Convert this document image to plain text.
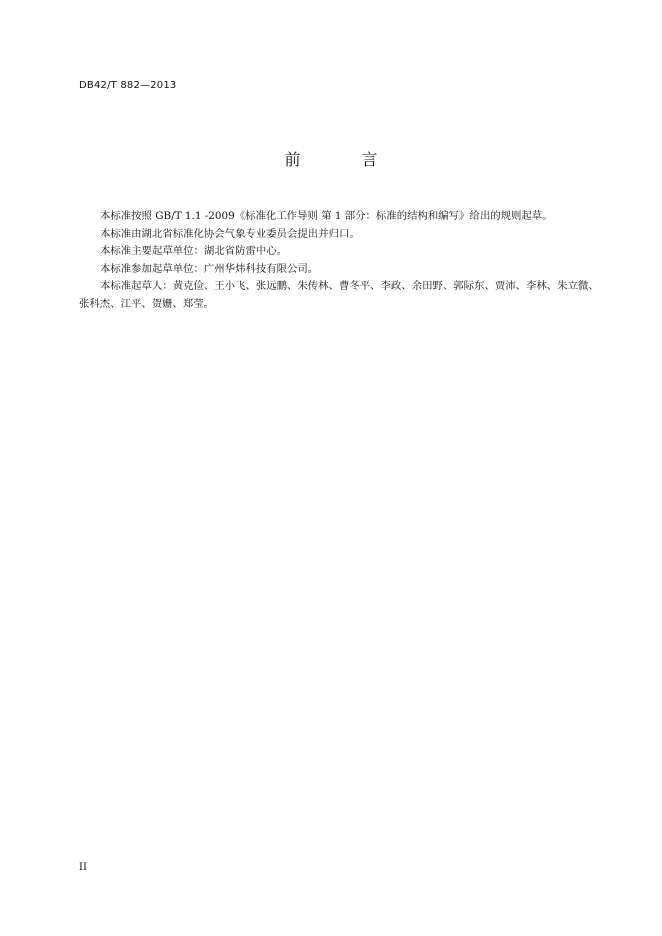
DB42/T 882—2013
前 言

本标准按照 GB/T 1.1 -2009《标准化工作导则 第 1 部分：标准的结构和编写》给出的规则起草。

本标准由湖北省标准化协会气象专业委员会提出并归口。

本标准主要起草单位：湖北省防雷中心。

本标准参加起草单位：广州华炜科技有限公司。

本标准起草人：黄克俭、王小飞、张远鹏、朱传林、曹冬平、李政、余田野、郭际东、贾沛、李林、朱立微、张科杰、江平、贺姗、郑莹。

II
